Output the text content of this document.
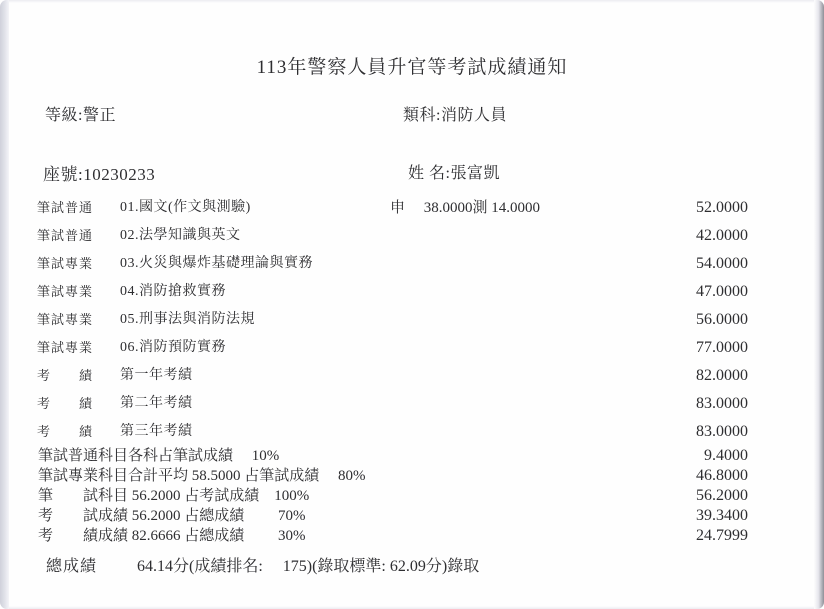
113年警察人員升官等考試成績通知
等級:警正	類科:消防人員
座號:10230233	姓 名:張富凱
筆試普通 01.國文(作文與測驗)	申　 38.0000測 14.0000	52.0000
筆試普通 02.法學知識與英文	42.0000
筆試專業 03.火災與爆炸基礎理論與實務	54.0000
筆試專業 04.消防搶救實務	47.0000
筆試專業 05.刑事法與消防法規	56.0000
筆試專業 06.消防預防實務	77.0000
考　　績 第一年考績	82.0000
考　　績 第二年考績	83.0000
考　　績 第三年考績	83.0000
筆試普通科目各科占筆試成績　 10%	9.4000
筆試專業科目合計平均 58.5000 占筆試成績　 80%	46.8000
筆　　試科目 56.2000 占考試成績　100%	56.2000
考　　試成績 56.2000 占總成績　　 70%	39.3400
考　　績成績 82.6666 占總成績　　 30%	24.7999
總成績 64.14分(成績排名:　 175)(錄取標準: 62.09分)錄取
